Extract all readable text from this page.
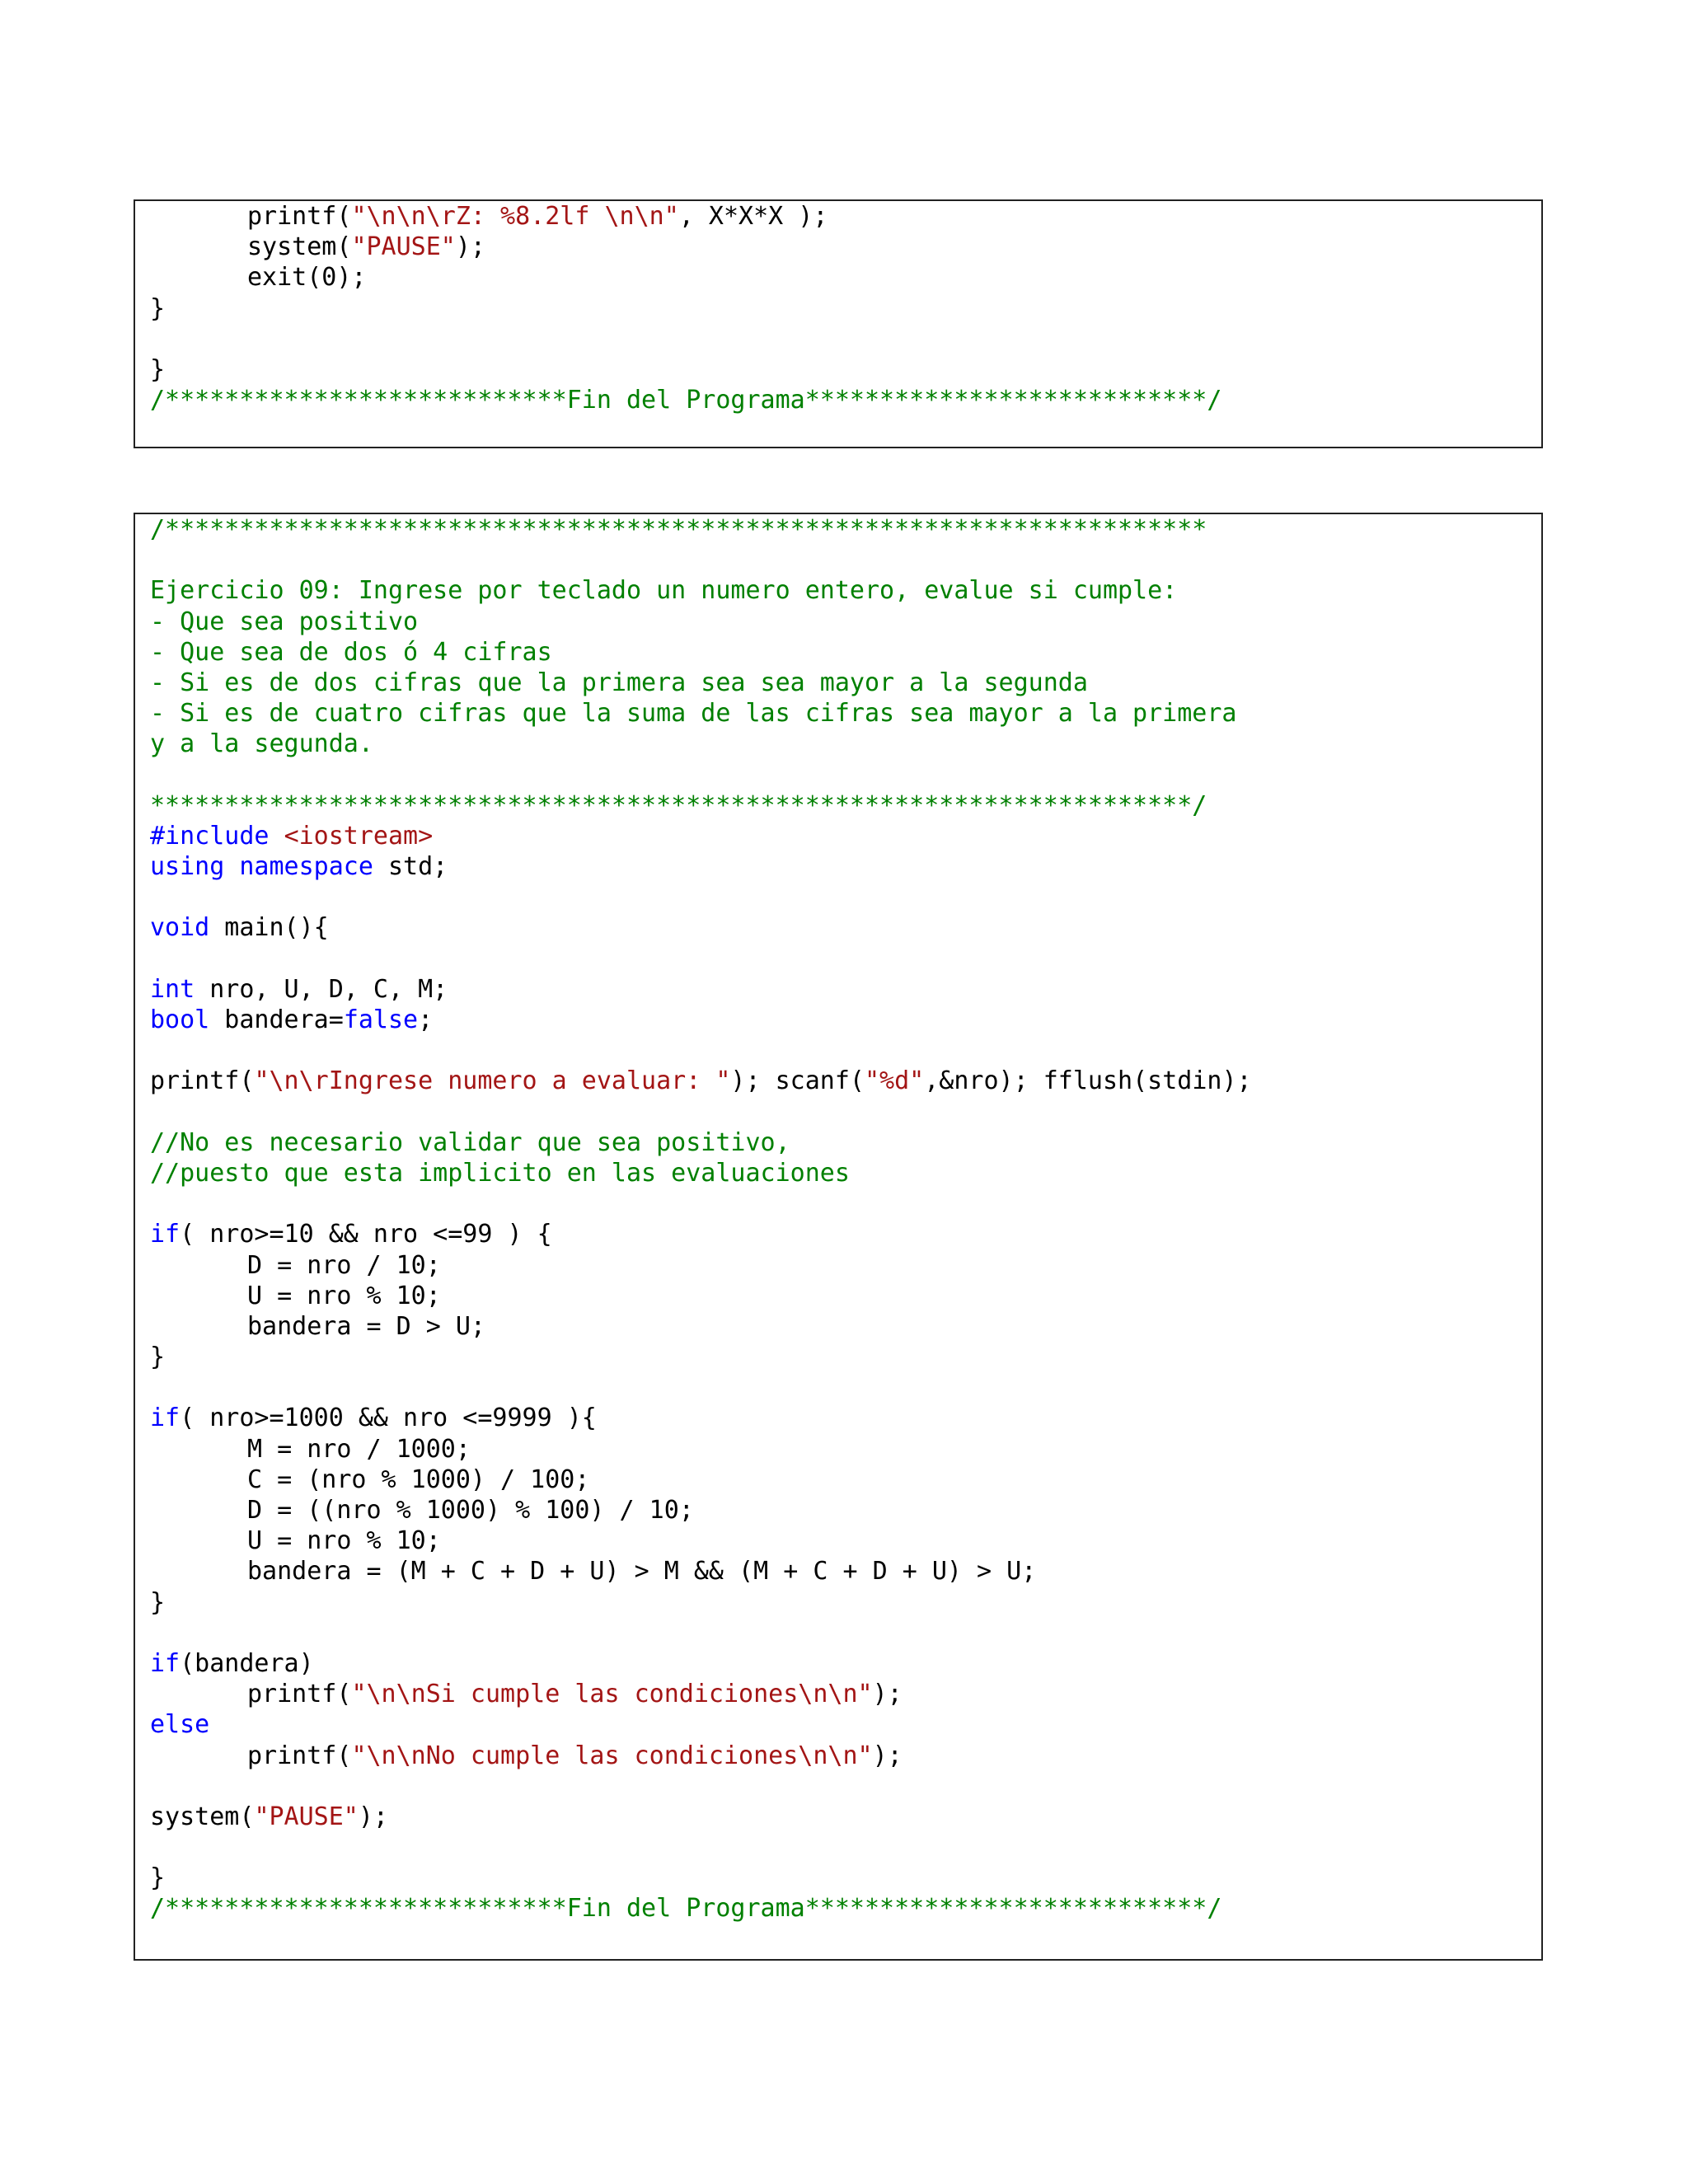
printf("\n\n\rZ: %8.2lf \n\n", X*X*X );
system("PAUSE");
exit(0);
}
}
/***************************Fin del Programa***************************/
/**********************************************************************
Ejercicio 09: Ingrese por teclado un numero entero, evalue si cumple:
- Que sea positivo
- Que sea de dos ó 4 cifras
- Si es de dos cifras que la primera sea sea mayor a la segunda
- Si es de cuatro cifras que la suma de las cifras sea mayor a la primera
y a la segunda.
**********************************************************************/
#include <iostream>
using namespace std;
void main(){
int nro, U, D, C, M;
bool bandera=false;
printf("\n\rIngrese numero a evaluar: "); scanf("%d",&nro); fflush(stdin);
//No es necesario validar que sea positivo,
//puesto que esta implicito en las evaluaciones
if( nro>=10 && nro <=99 ) {
D = nro / 10;
U = nro % 10;
bandera = D > U;
}
if( nro>=1000 && nro <=9999 ){
M = nro / 1000;
C = (nro % 1000) / 100;
D = ((nro % 1000) % 100) / 10;
U = nro % 10;
bandera = (M + C + D + U) > M && (M + C + D + U) > U;
}
if(bandera)
printf("\n\nSi cumple las condiciones\n\n");
else
printf("\n\nNo cumple las condiciones\n\n");
system("PAUSE");
}
/***************************Fin del Programa***************************/
